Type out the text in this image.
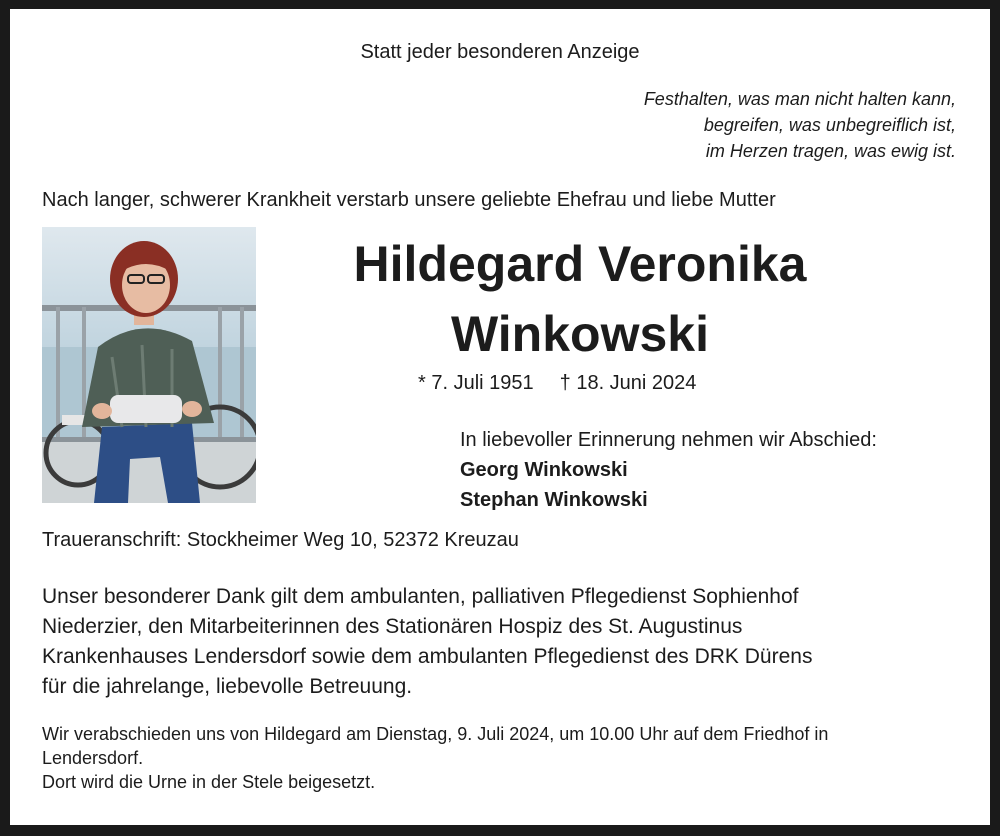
Statt jeder besonderen Anzeige
Festhalten, was man nicht halten kann,
begreifen, was unbegreiflich ist,
im Herzen tragen, was ewig ist.
Nach langer, schwerer Krankheit verstarb unsere geliebte Ehefrau und liebe Mutter
Hildegard Veronika
Winkowski
* 7. Juli 1951 † 18. Juni 2024
In liebevoller Erinnerung nehmen wir Abschied:
Georg Winkowski
Stephan Winkowski
Traueranschrift: Stockheimer Weg 10, 52372 Kreuzau
Unser besonderer Dank gilt dem ambulanten, palliativen Pflegedienst Sophienhof
Niederzier, den Mitarbeiterinnen des Stationären Hospiz des St. Augustinus
Krankenhauses Lendersdorf sowie dem ambulanten Pflegedienst des DRK Dürens
für die jahrelange, liebevolle Betreuung.
Wir verabschieden uns von Hildegard am Dienstag, 9. Juli 2024, um 10.00 Uhr auf dem Friedhof in
Lendersdorf.
Dort wird die Urne in der Stele beigesetzt.
